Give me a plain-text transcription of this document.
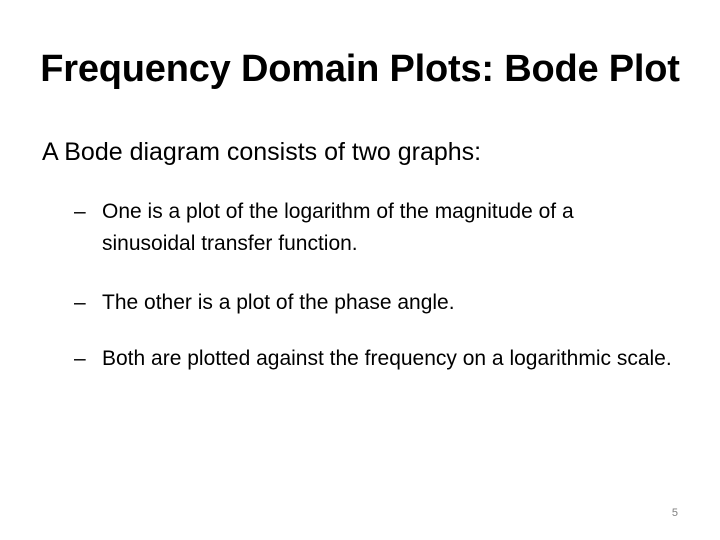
Frequency Domain Plots: Bode Plot
A Bode diagram consists of two graphs:
– One is a plot of the logarithm of the magnitude of a sinusoidal transfer function.
– The other is a plot of the phase angle.
– Both are plotted against the frequency on a logarithmic scale.
5
